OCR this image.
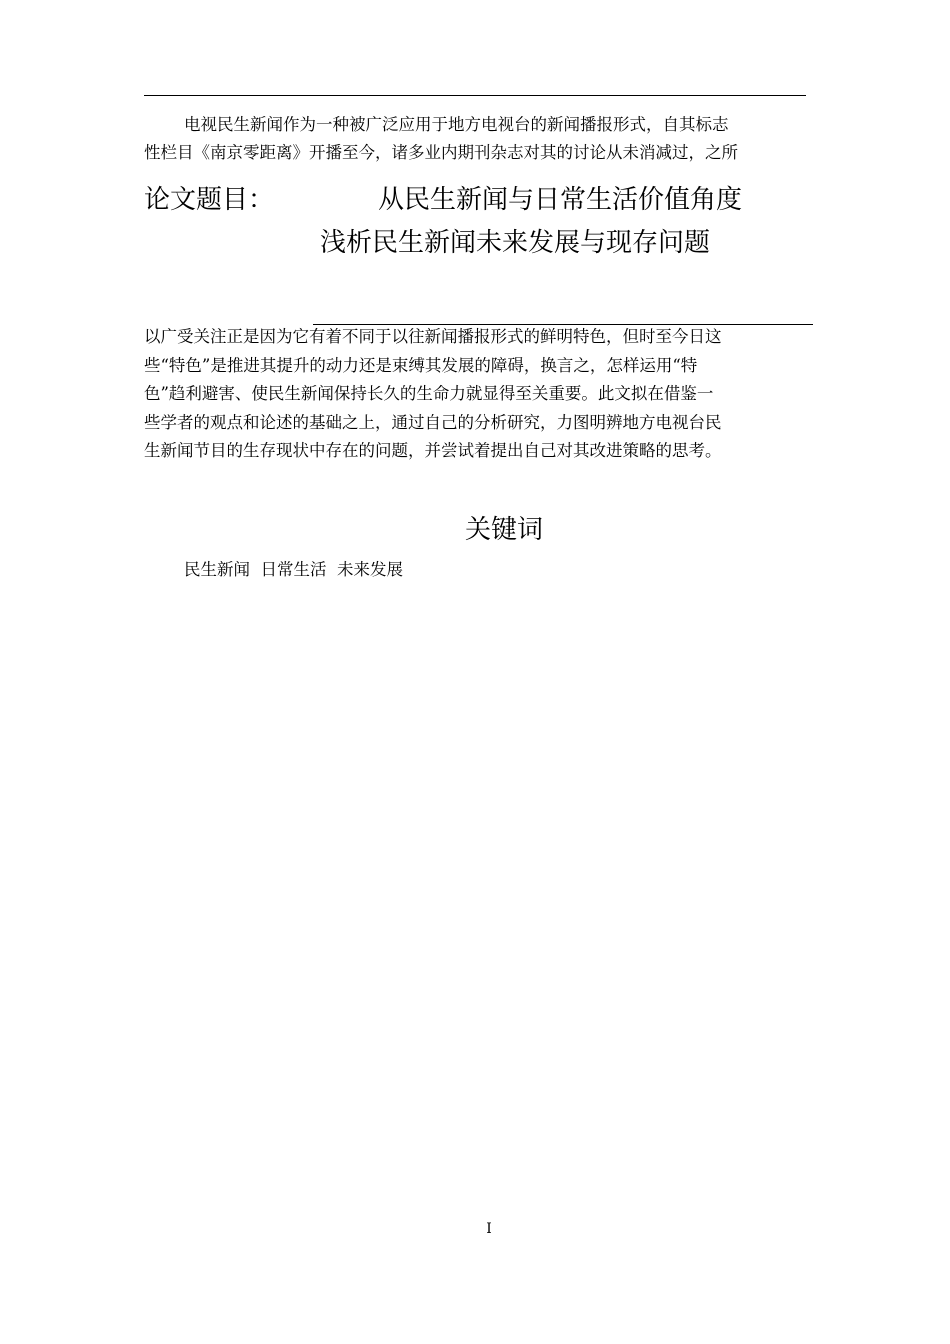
电视民生新闻作为一种被广泛应用于地方电视台的新闻播报形式，自其标志
性栏目《南京零距离》开播至今，诸多业内期刊杂志对其的讨论从未消减过，之所
论文题目：	从民生新闻与日常生活价值角度
浅析民生新闻未来发展与现存问题
以广受关注正是因为它有着不同于以往新闻播报形式的鲜明特色，但时至今日这
些“特色”是推进其提升的动力还是束缚其发展的障碍，换言之，怎样运用“特
色”趋利避害、使民生新闻保持长久的生命力就显得至关重要。此文拟在借鉴一
些学者的观点和论述的基础之上，通过自己的分析研究，力图明辨地方电视台民
生新闻节目的生存现状中存在的问题，并尝试着提出自己对其改进策略的思考。
关键词
民生新闻  日常生活  未来发展
I
